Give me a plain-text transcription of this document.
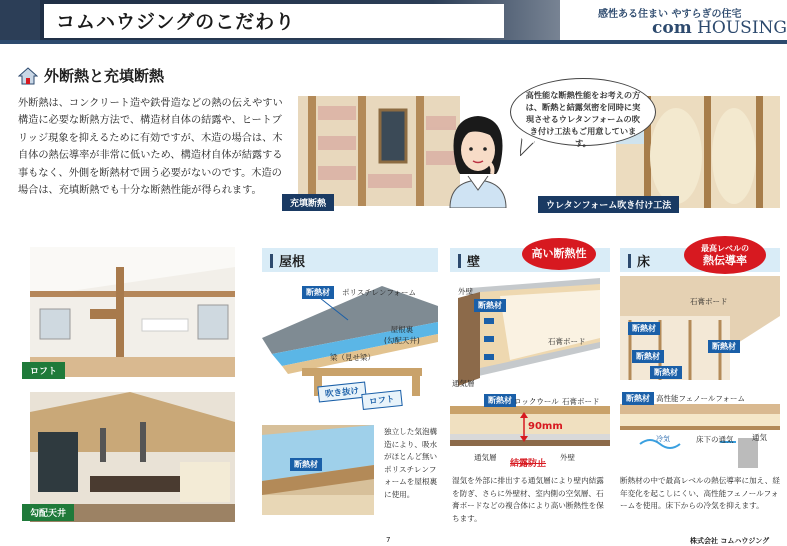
コムハウジングのこだわり	感性ある住まい やすらぎの住宅
com HOUSING
外断熱と充填断熱
外断熱は、コンクリート造や鉄骨造などの熱の伝えやすい構造に必要な断熱方法で、構造材自体の結露や、ヒートブリッジ現象を抑えるために有効ですが、木造の場合は、木自体の熱伝導率が非常に低いため、構造材自体が結露する事もなく、外側を断熱材で囲う必要がないのです。木造の場合は、充填断熱でも十分な断熱性能が得られます。
充填断熱	ウレタンフォーム吹き付け工法
高性能な断熱性能をお考えの方は、断熱と結露気密を同時に実現させるウレタンフォームの吹き付け工法もご用意しています。
ロフト
勾配天井
屋根	壁	床
高い断熱性	最高レベルの
熱伝導率
断熱材	ポリスチレンフォーム
屋根裏
(勾配天井)
梁（見せ梁）
吹き抜け
ロフト
断熱材
独立した気泡構造により、吸水がほとんど無いポリスチレンフォームを屋根裏に使用。
外壁
断熱材
石膏ボード
通気層
断熱材 ロックウール 石膏ボード
90mm
通気層
結露防止
外壁
湿気を外部に排出する通気層により壁内結露を防ぎ、さらに外壁材、室内側の空気層、石膏ボードなどの複合体により高い断熱性を保ちます。
石膏ボード
断熱材
断熱材
断熱材
断熱材
断熱材 高性能フェノールフォーム
冷気	床下の通気 通気
断熱材の中で最高レベルの熱伝導率に加え、経年変化を起こしにくい、高性能フェノールフォームを使用。床下からの冷気を抑えます。
7	株式会社 コムハウジング
